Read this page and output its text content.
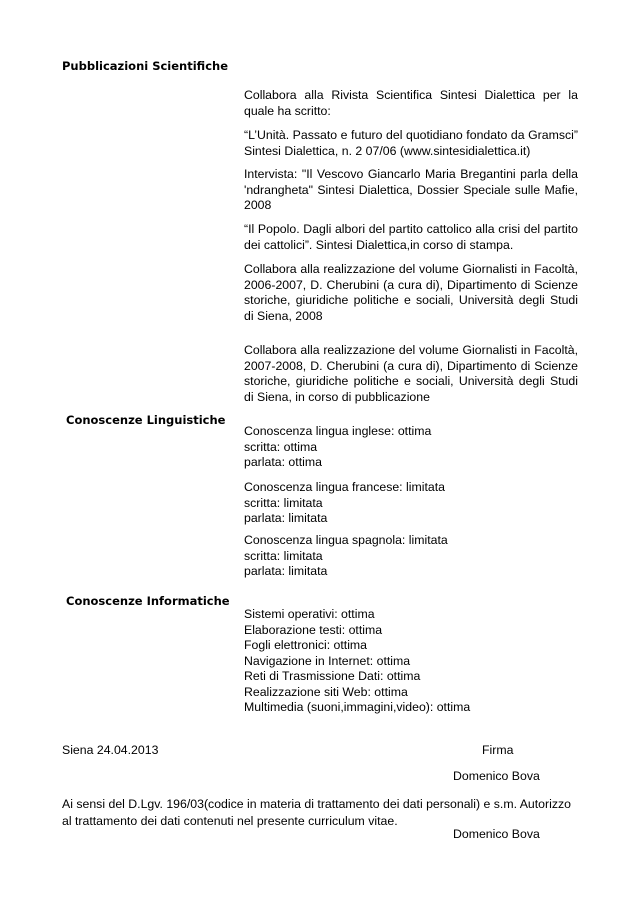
Pubblicazioni Scientifiche
Collabora alla Rivista Scientifica Sintesi Dialettica per la quale ha scritto:
“L’Unità. Passato e futuro del quotidiano fondato da Gramsci” Sintesi Dialettica, n. 2 07/06 (www.sintesidialettica.it)
Intervista: "Il Vescovo Giancarlo Maria Bregantini parla della 'ndrangheta" Sintesi Dialettica, Dossier Speciale sulle Mafie, 2008
“Il Popolo. Dagli albori del partito cattolico alla crisi del partito dei cattolici”. Sintesi Dialettica,in corso di stampa.
Collabora alla realizzazione del volume Giornalisti in Facoltà, 2006-2007, D. Cherubini (a cura di), Dipartimento di Scienze storiche, giuridiche politiche e sociali, Università degli Studi di Siena, 2008
Collabora alla realizzazione del volume Giornalisti in Facoltà, 2007-2008, D. Cherubini (a cura di), Dipartimento di Scienze storiche, giuridiche politiche e sociali, Università degli Studi di Siena, in corso di pubblicazione
Conoscenze Linguistiche
Conoscenza lingua inglese: ottima
scritta: ottima
parlata: ottima
Conoscenza lingua francese: limitata
scritta: limitata
parlata: limitata
Conoscenza lingua spagnola: limitata
scritta: limitata
parlata: limitata
Conoscenze Informatiche
Sistemi operativi: ottima
Elaborazione testi: ottima
Fogli elettronici: ottima
Navigazione in Internet: ottima
Reti di Trasmissione Dati: ottima
Realizzazione siti Web: ottima
Multimedia (suoni,immagini,video): ottima
Siena 24.04.2013	Firma
Domenico Bova
Ai sensi del D.Lgv. 196/03(codice in materia di trattamento dei dati personali) e s.m. Autorizzo al trattamento dei dati contenuti nel presente curriculum vitae.
Domenico Bova
